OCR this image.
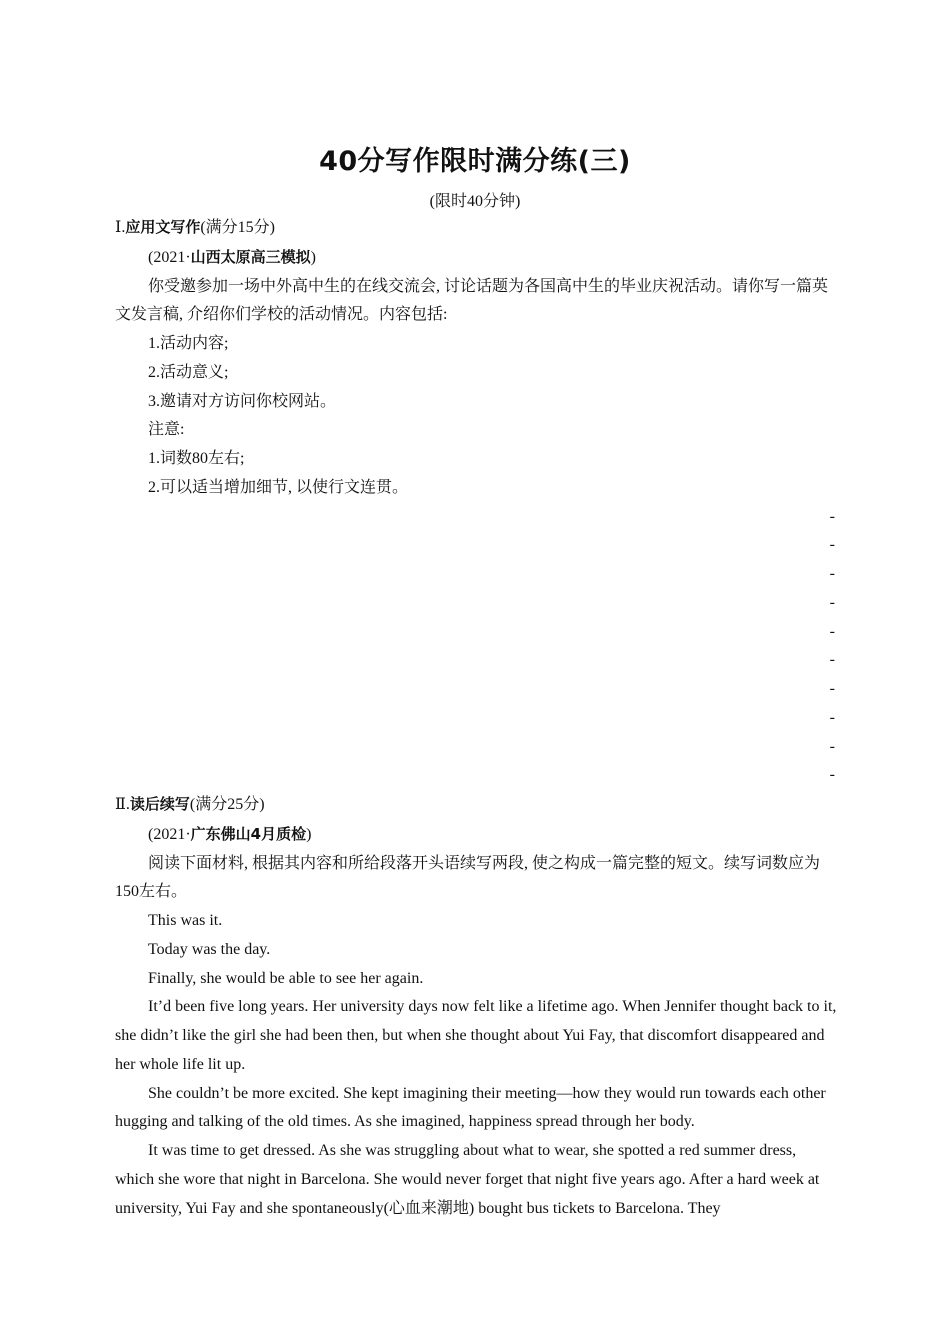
40分写作限时满分练(三)
(限时40分钟)

Ⅰ.应用文写作(满分15分)

(2021·山西太原高三模拟)

你受邀参加一场中外高中生的在线交流会, 讨论话题为各国高中生的毕业庆祝活动。请你写一篇英文发言稿, 介绍你们学校的活动情况。内容包括:

1.活动内容;

2.活动意义;

3.邀请对方访问你校网站。

注意:

1.词数80左右;

2.可以适当增加细节, 以使行文连贯。

-
-
-
-
-
-
-
-
-
-

Ⅱ.读后续写(满分25分)

(2021·广东佛山4月质检)

阅读下面材料, 根据其内容和所给段落开头语续写两段, 使之构成一篇完整的短文。续写词数应为150左右。

This was it.

Today was the day.

Finally, she would be able to see her again.

It’d been five long years. Her university days now felt like a lifetime ago. When Jennifer thought back to it, she didn’t like the girl she had been then, but when she thought about Yui Fay, that discomfort disappeared and her whole life lit up.

She couldn’t be more excited. She kept imagining their meeting—how they would run towards each other hugging and talking of the old times. As she imagined, happiness spread through her body.

It was time to get dressed. As she was struggling about what to wear, she spotted a red summer dress, which she wore that night in Barcelona. She would never forget that night five years ago. After a hard week at university, Yui Fay and she spontaneously(心血来潮地) bought bus tickets to Barcelona. They
